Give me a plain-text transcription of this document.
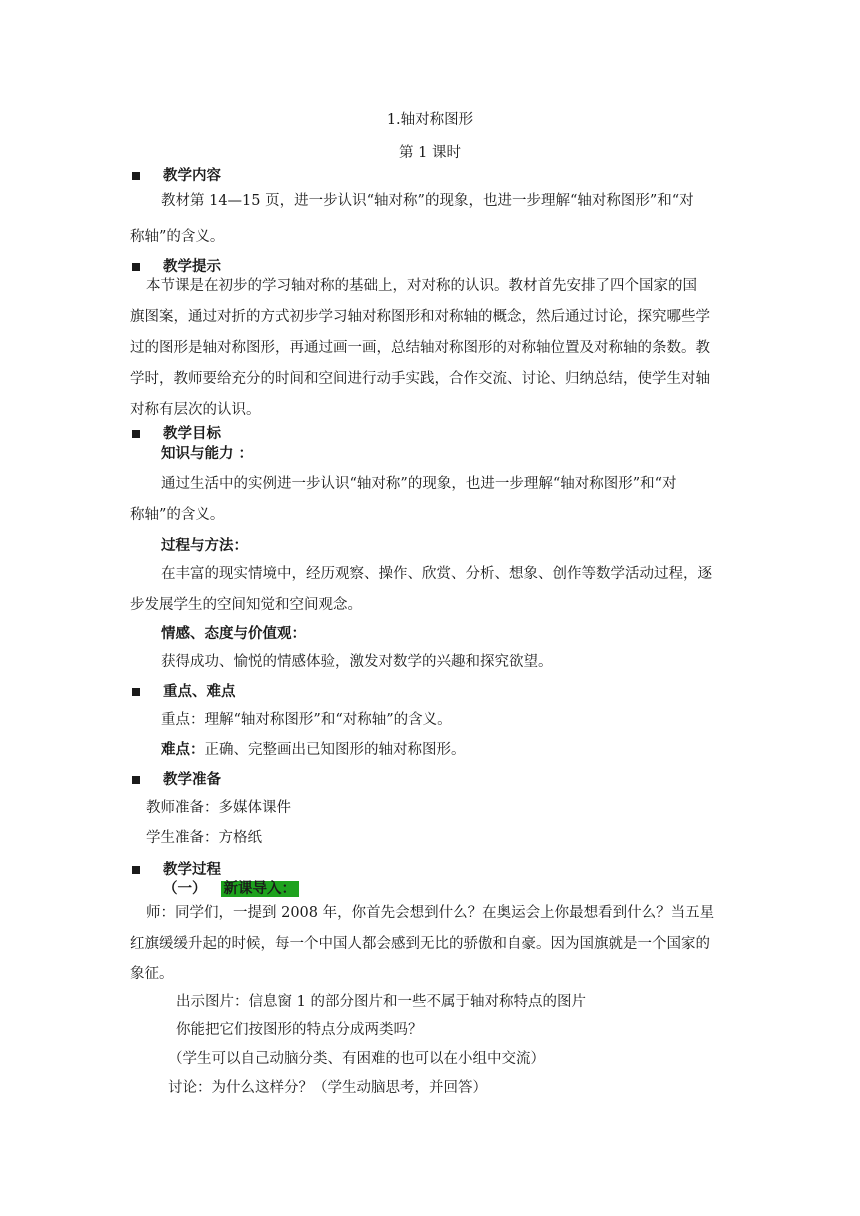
1.轴对称图形
第 1 课时
教学内容
教材第 14—15 页，进一步认识“轴对称”的现象，也进一步理解“轴对称图形”和“对
称轴”的含义。
教学提示
本节课是在初步的学习轴对称的基础上，对对称的认识。教材首先安排了四个国家的国
旗图案，通过对折的方式初步学习轴对称图形和对称轴的概念，然后通过讨论，探究哪些学
过的图形是轴对称图形，再通过画一画，总结轴对称图形的对称轴位置及对称轴的条数。教
学时，教师要给充分的时间和空间进行动手实践，合作交流、讨论、归纳总结，使学生对轴
对称有层次的认识。
教学目标
知识与能力 ：
通过生活中的实例进一步认识“轴对称”的现象，也进一步理解“轴对称图形”和“对
称轴”的含义。
过程与方法：
在丰富的现实情境中，经历观察、操作、欣赏、分析、想象、创作等数学活动过程，逐
步发展学生的空间知觉和空间观念。
情感、态度与价值观：
获得成功、愉悦的情感体验，激发对数学的兴趣和探究欲望。
重点、难点
重点：理解“轴对称图形”和“对称轴”的含义。
难点：正确、完整画出已知图形的轴对称图形。
教学准备
教师准备：多媒体课件
学生准备：方格纸
教学过程
（一） 新课导入：
师：同学们，一提到 2008 年，你首先会想到什么？在奥运会上你最想看到什么？当五星
红旗缓缓升起的时候，每一个中国人都会感到无比的骄傲和自豪。因为国旗就是一个国家的
象征。
出示图片：信息窗 1 的部分图片和一些不属于轴对称特点的图片
你能把它们按图形的特点分成两类吗？
（学生可以自己动脑分类、有困难的也可以在小组中交流）
讨论：为什么这样分？（学生动脑思考，并回答）
